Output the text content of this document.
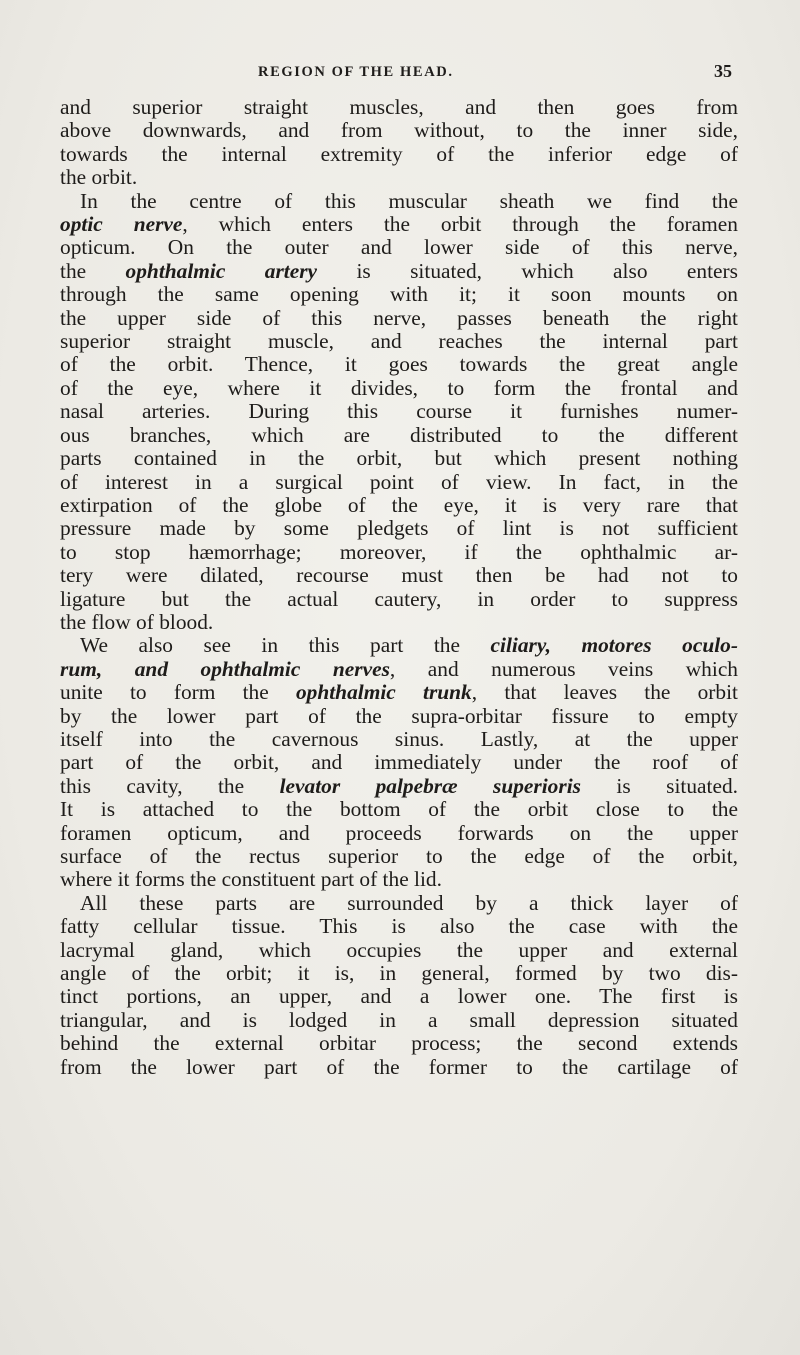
REGION OF THE HEAD.	35

and superior straight muscles, and then goes from
above downwards, and from without, to the inner side,
towards the internal extremity of the inferior edge of
the orbit.

In the centre of this muscular sheath we find the
optic nerve, which enters the orbit through the foramen
opticum. On the outer and lower side of this nerve,
the ophthalmic artery is situated, which also enters
through the same opening with it; it soon mounts on
the upper side of this nerve, passes beneath the right
superior straight muscle, and reaches the internal part
of the orbit. Thence, it goes towards the great angle
of the eye, where it divides, to form the frontal and
nasal arteries. During this course it furnishes numer-
ous branches, which are distributed to the different
parts contained in the orbit, but which present nothing
of interest in a surgical point of view. In fact, in the
extirpation of the globe of the eye, it is very rare that
pressure made by some pledgets of lint is not sufficient
to stop hæmorrhage; moreover, if the ophthalmic ar-
tery were dilated, recourse must then be had not to
ligature but the actual cautery, in order to suppress
the flow of blood.

We also see in this part the ciliary, motores oculo-
rum, and ophthalmic nerves, and numerous veins which
unite to form the ophthalmic trunk, that leaves the orbit
by the lower part of the supra-orbitar fissure to empty
itself into the cavernous sinus. Lastly, at the upper
part of the orbit, and immediately under the roof of
this cavity, the levator palpebræ superioris is situated.
It is attached to the bottom of the orbit close to the
foramen opticum, and proceeds forwards on the upper
surface of the rectus superior to the edge of the orbit,
where it forms the constituent part of the lid.

All these parts are surrounded by a thick layer of
fatty cellular tissue. This is also the case with the
lacrymal gland, which occupies the upper and external
angle of the orbit; it is, in general, formed by two dis-
tinct portions, an upper, and a lower one. The first is
triangular, and is lodged in a small depression situated
behind the external orbitar process; the second extends
from the lower part of the former to the cartilage of
